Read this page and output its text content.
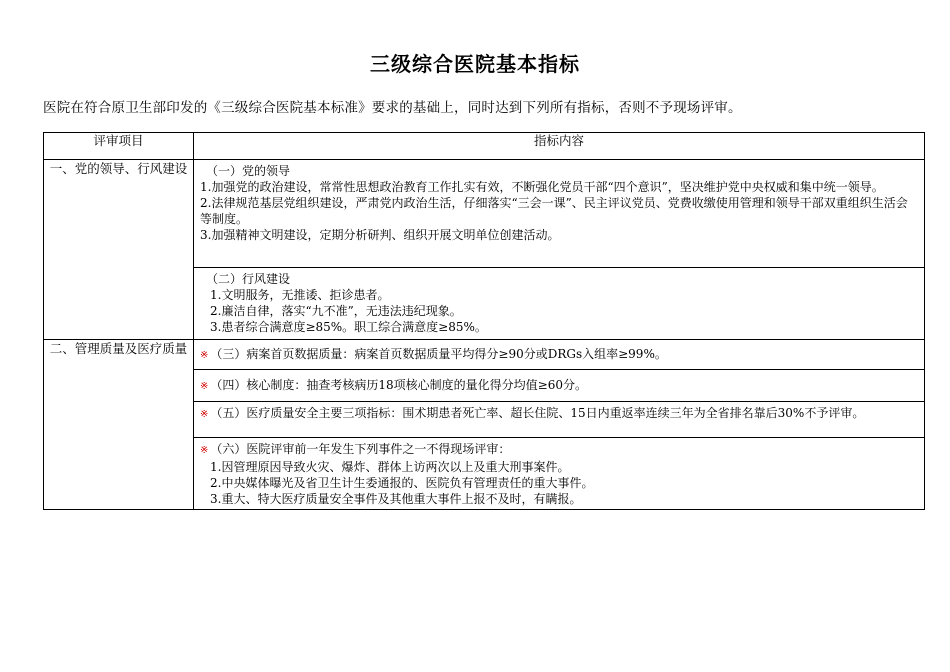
三级综合医院基本指标
医院在符合原卫生部印发的《三级综合医院基本标准》要求的基础上，同时达到下列所有指标，否则不予现场评审。
评审项目	指标内容
一、党的领导、行风建设	（一）党的领导
1.加强党的政治建设，常常性思想政治教育工作扎实有效，不断强化党员干部“四个意识”，坚决维护党中央权威和集中统一领导。
2.法律规范基层党组织建设，严肃党内政治生活，仔细落实“三会一课”、民主评议党员、党费收缴使用管理和领导干部双重组织生活会等制度。
3.加强精神文明建设，定期分析研判、组织开展文明单位创建活动。

	（二）行风建设
1.文明服务，无推诿、拒诊患者。
2.廉洁自律，落实“九不准”，无违法违纪现象。
3.患者综合满意度≥85%。职工综合满意度≥85%。

二、管理质量及医疗质量	※ （三）病案首页数据质量：病案首页数据质量平均得分≥90分或DRGs入组率≥99%。

	※ （四）核心制度：抽查考核病历18项核心制度的量化得分均值≥60分。

	※ （五）医疗质量安全主要三项指标：围术期患者死亡率、超长住院、15日内重返率连续三年为全省排名靠后30%不予评审。

	※ （六）医院评审前一年发生下列事件之一不得现场评审：
1.因管理原因导致火灾、爆炸、群体上访两次以上及重大刑事案件。
2.中央媒体曝光及省卫生计生委通报的、医院负有管理责任的重大事件。
3.重大、特大医疗质量安全事件及其他重大事件上报不及时，有瞒报。
